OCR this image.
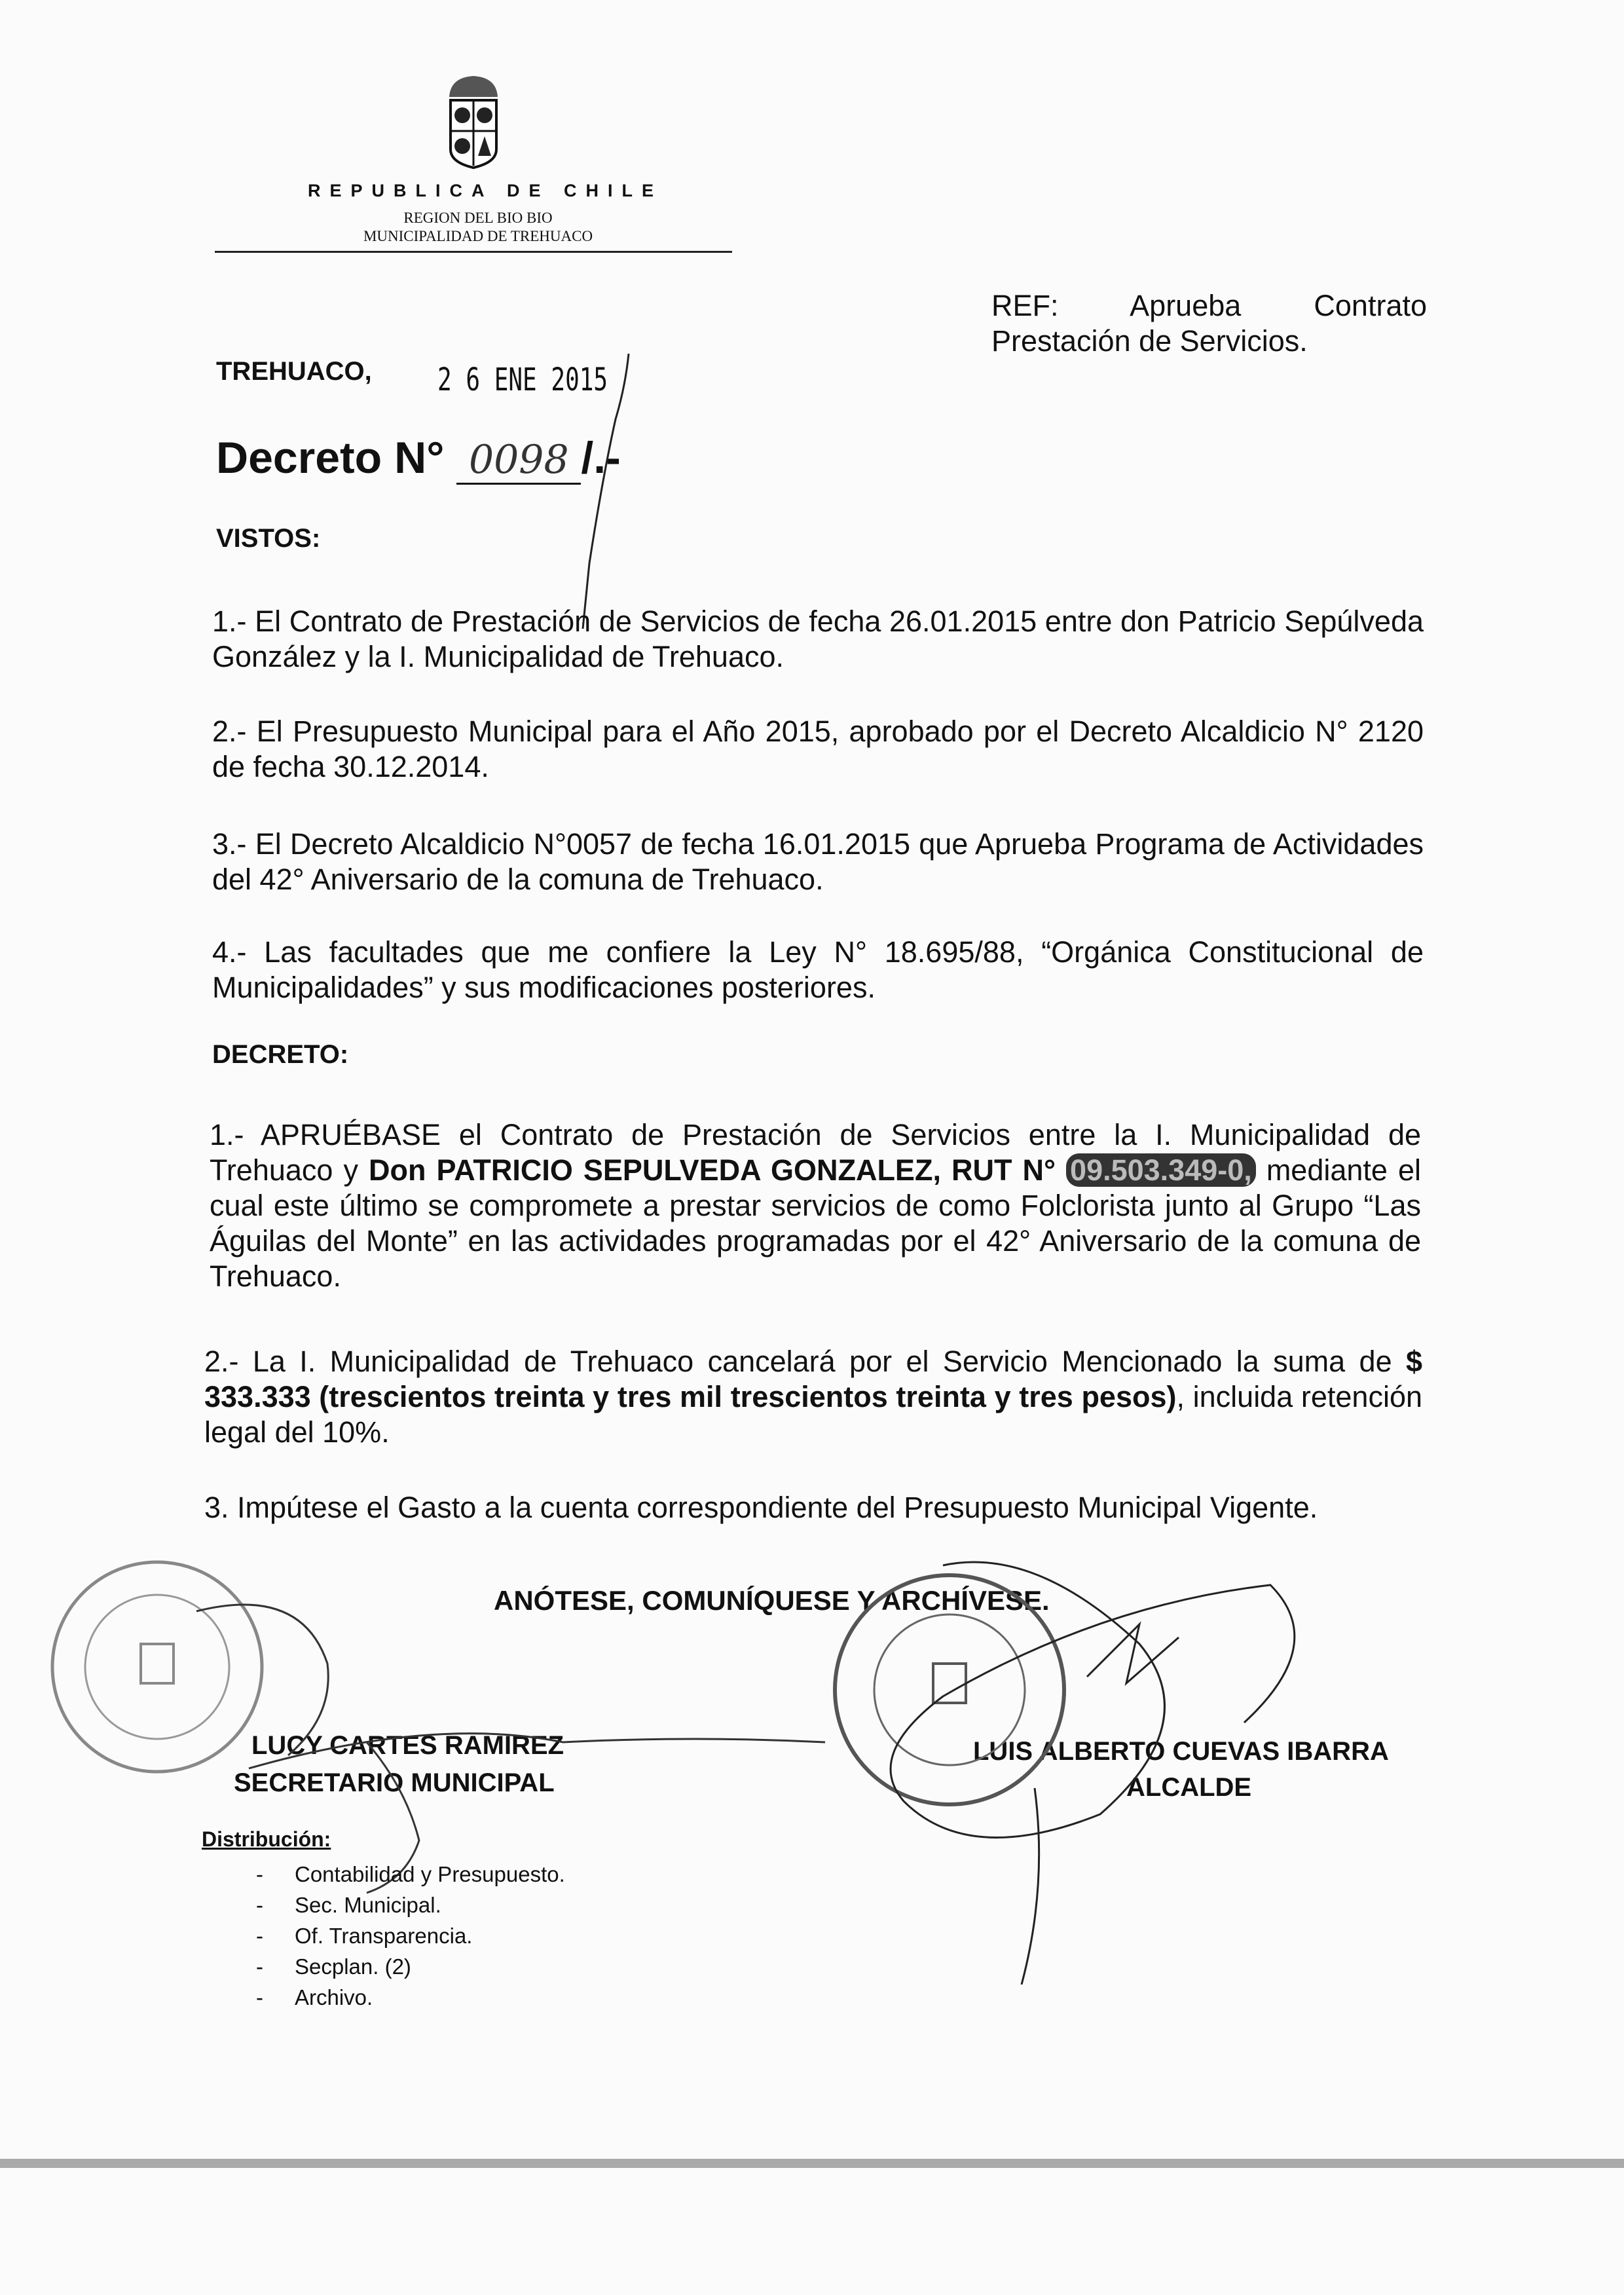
REPUBLICA DE CHILE
REGION DEL BIO BIO
MUNICIPALIDAD DE TREHUACO
REF: Aprueba Contrato Prestación de Servicios.
TREHUACO, 2 6 ENE 2015
Decreto N° 0098 /.-
VISTOS:
1.- El Contrato de Prestación de Servicios de fecha 26.01.2015 entre don Patricio Sepúlveda González y la I. Municipalidad de Trehuaco.
2.- El Presupuesto Municipal para el Año 2015, aprobado por el Decreto Alcaldicio N° 2120 de fecha 30.12.2014.
3.- El Decreto Alcaldicio N°0057 de fecha 16.01.2015 que Aprueba Programa de Actividades del 42° Aniversario de la comuna de Trehuaco.
4.- Las facultades que me confiere la Ley N° 18.695/88, “Orgánica Constitucional de Municipalidades” y sus modificaciones posteriores.
DECRETO:
1.- APRUÉBASE el Contrato de Prestación de Servicios entre la I. Municipalidad de Trehuaco y Don PATRICIO SEPULVEDA GONZALEZ, RUT N° 09.503.349-0, mediante el cual este último se compromete a prestar servicios de como Folclorista junto al Grupo “Las Águilas del Monte” en las actividades programadas por el 42° Aniversario de la comuna de Trehuaco.
2.- La I. Municipalidad de Trehuaco cancelará por el Servicio Mencionado la suma de $ 333.333 (trescientos treinta y tres mil trescientos treinta y tres pesos), incluida retención legal del 10%.
3. Impútese el Gasto a la cuenta correspondiente del Presupuesto Municipal Vigente.
ANÓTESE, COMUNÍQUESE Y ARCHÍVESE.
LUCY CARTES RAMIREZ
SECRETARIO MUNICIPAL
LUIS ALBERTO CUEVAS IBARRA
ALCALDE
Distribución:
- Contabilidad y Presupuesto.
- Sec. Municipal.
- Of. Transparencia.
- Secplan. (2)
- Archivo.
